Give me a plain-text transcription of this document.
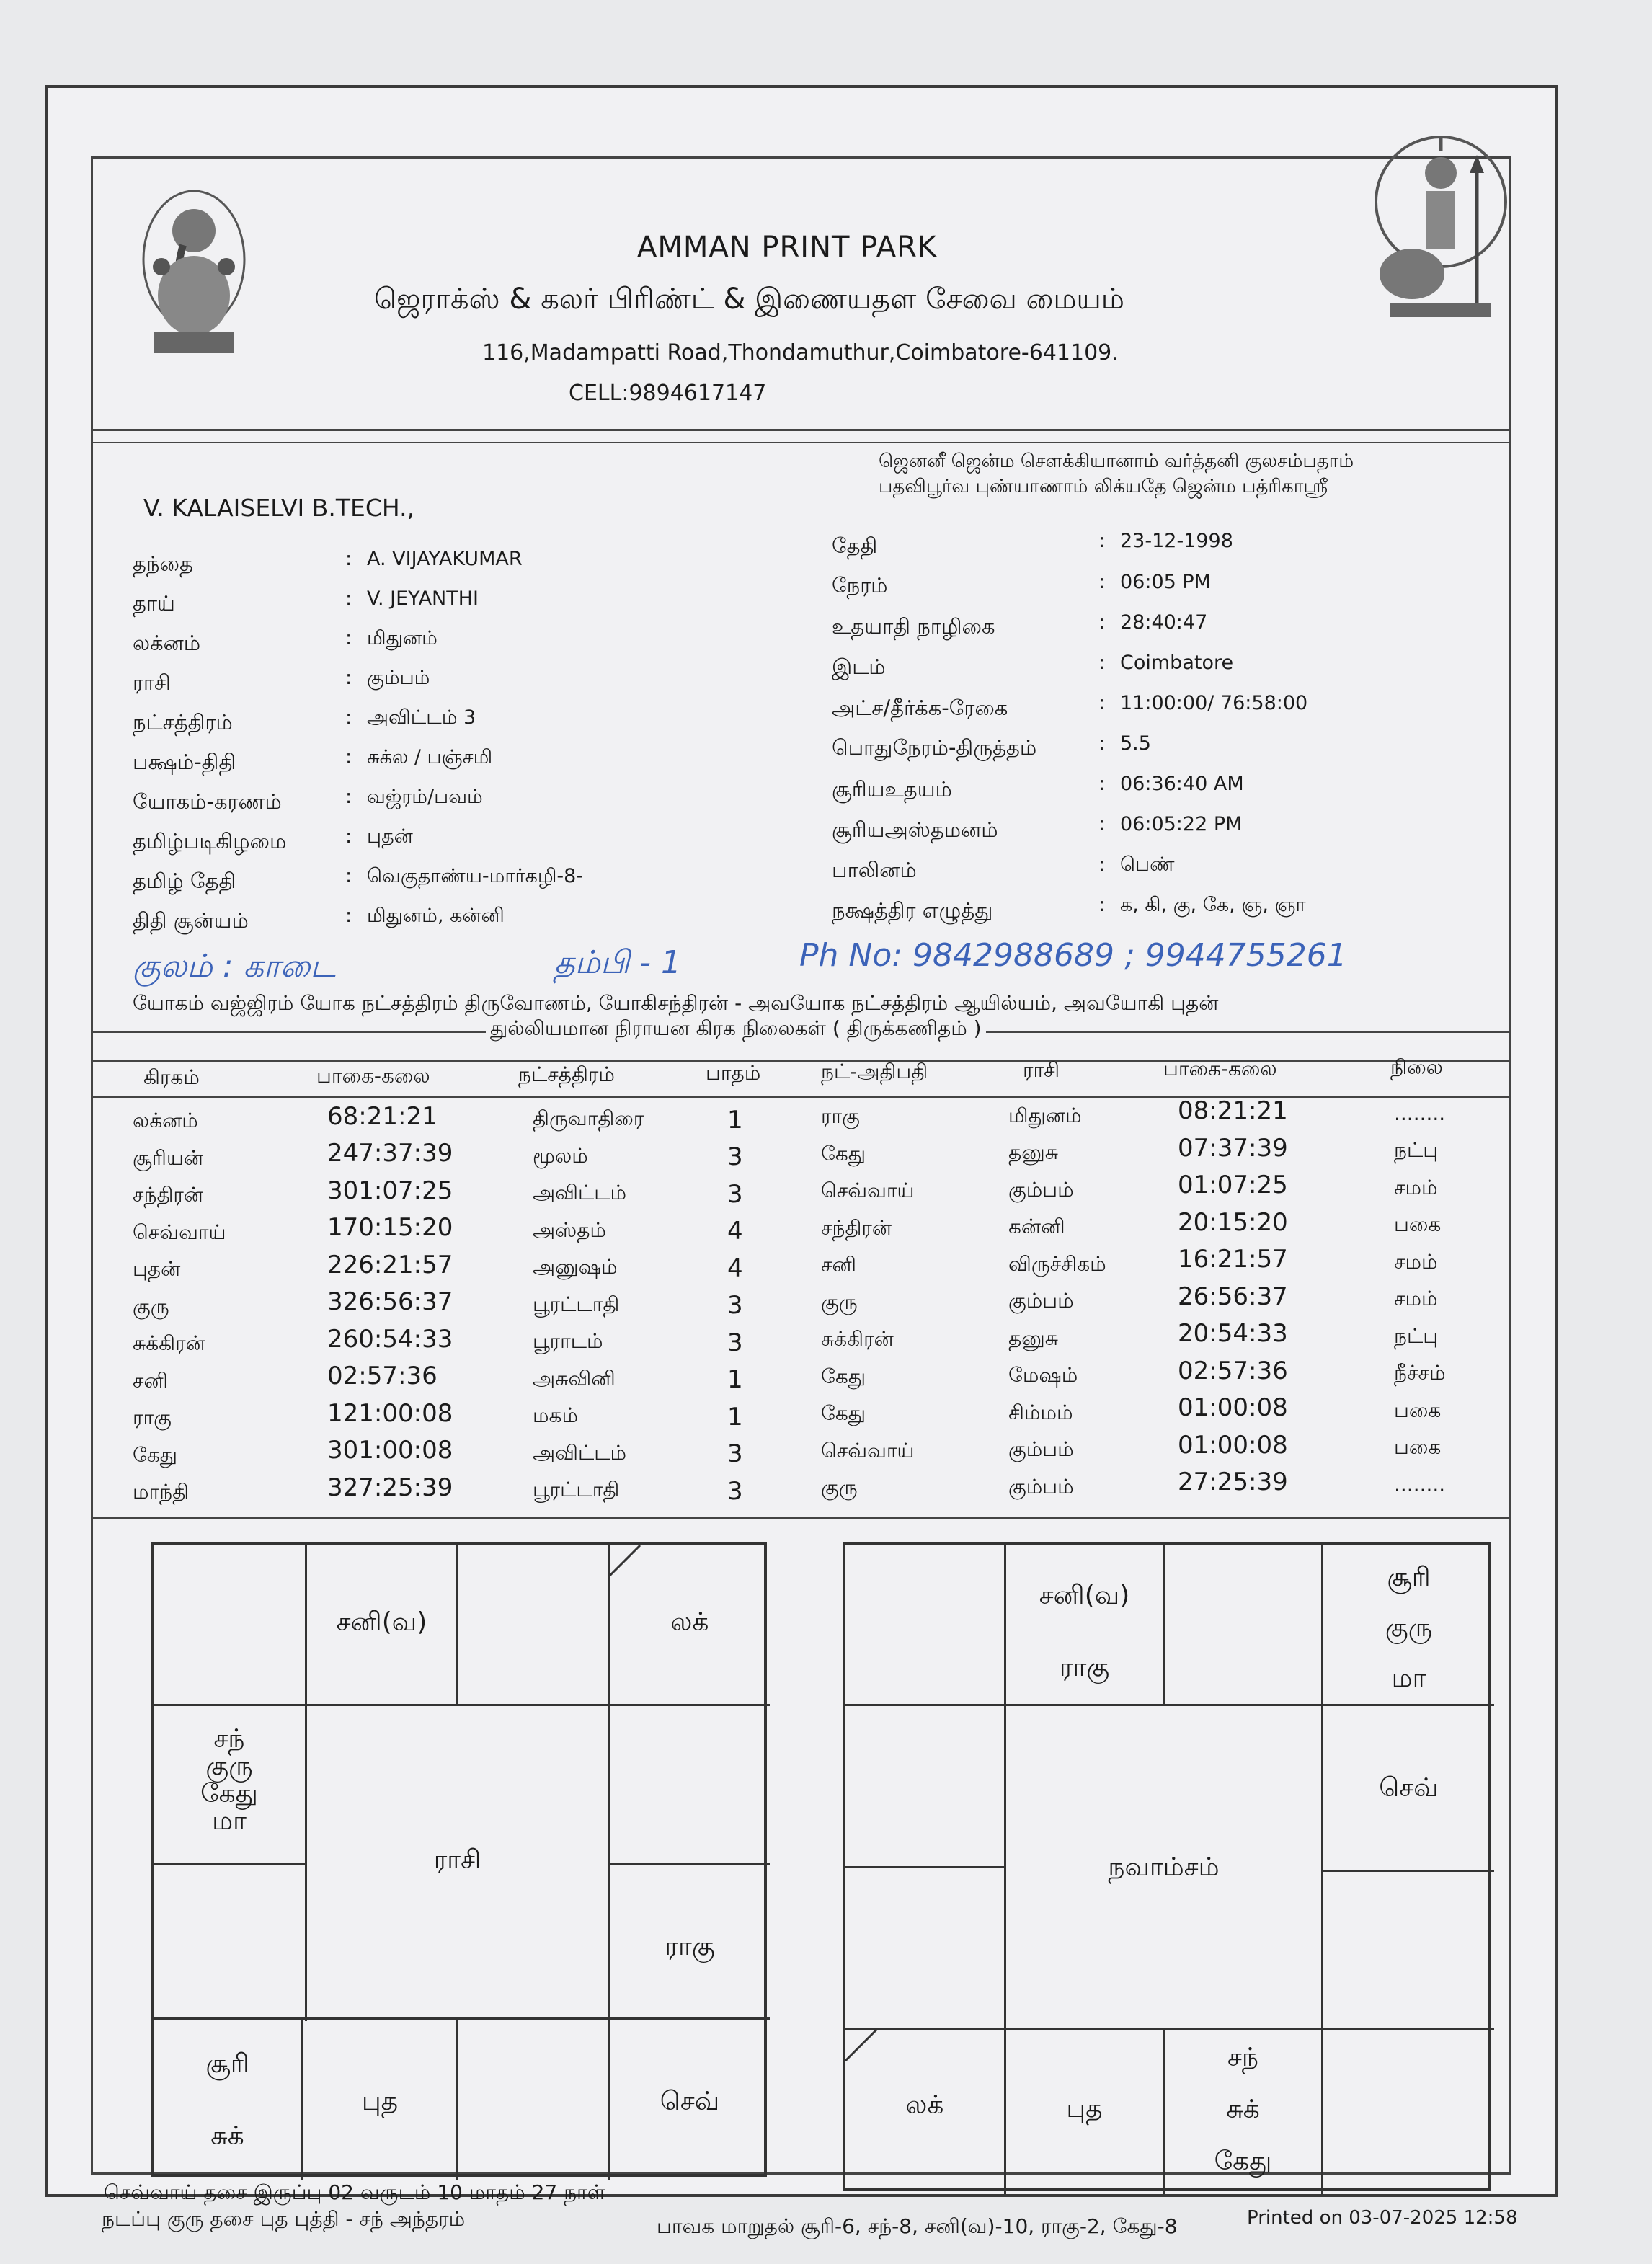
AMMAN PRINT PARK
ஜெராக்ஸ் & கலர் பிரிண்ட் & இணையதள சேவை மையம்
116,Madampatti Road,Thondamuthur,Coimbatore-641109.
CELL:9894617147
ஜெனனீ ஜென்ம சௌக்கியானாம் வர்த்தனி குலசம்பதாம்
பதவிபூர்வ புண்யாணாம் லிக்யதே ஜென்ம பத்ரிகாஸ்ரீ
V. KALAISELVI B.TECH.,
தந்தை	: A. VIJAYAKUMAR
தாய்	: V. JEYANTHI
லக்னம்	: மிதுனம்
ராசி	: கும்பம்
நட்சத்திரம்	: அவிட்டம் 3
பக்ஷம்-திதி	: சுக்ல / பஞ்சமி
யோகம்-கரணம்	: வஜ்ரம்/பவம்
தமிழ்படிகிழமை	: புதன்
தமிழ் தேதி	: வெகுதாண்ய-மார்கழி-8-
திதி சூன்யம்	: மிதுனம், கன்னி
தேதி	: 23-12-1998
நேரம்	: 06:05 PM
உதயாதி நாழிகை	: 28:40:47
இடம்	: Coimbatore
அட்ச/தீர்க்க-ரேகை	: 11:00:00/ 76:58:00
பொதுநேரம்-திருத்தம்	: 5.5
சூரியஉதயம்	: 06:36:40 AM
சூரியஅஸ்தமனம்	: 06:05:22 PM
பாலினம்	: பெண்
நக்ஷத்திர எழுத்து	: க, கி, கு, கே, ஞ, ஞா
குலம் : காடை	தம்பி - 1	Ph No: 9842988689 ; 9944755261
யோகம் வஜ்ஜிரம் யோக நட்சத்திரம் திருவோணம், யோகிசந்திரன் - அவயோக நட்சத்திரம் ஆயில்யம், அவயோகி புதன்
துல்லியமான நிராயன கிரக நிலைகள் ( திருக்கணிதம் )
கிரகம்	பாகை-கலை	நட்சத்திரம்	பாதம்	நட்-அதிபதி	ராசி	பாகை-கலை	நிலை
லக்னம்	68:21:21	திருவாதிரை	1	ராகு	மிதுனம்	08:21:21	........
சூரியன்	247:37:39	மூலம்	3	கேது	தனுசு	07:37:39	நட்பு
சந்திரன்	301:07:25	அவிட்டம்	3	செவ்வாய்	கும்பம்	01:07:25	சமம்
செவ்வாய்	170:15:20	அஸ்தம்	4	சந்திரன்	கன்னி	20:15:20	பகை
புதன்	226:21:57	அனுஷம்	4	சனி	விருச்சிகம்	16:21:57	சமம்
குரு	326:56:37	பூரட்டாதி	3	குரு	கும்பம்	26:56:37	சமம்
சுக்கிரன்	260:54:33	பூராடம்	3	சுக்கிரன்	தனுசு	20:54:33	நட்பு
சனி	02:57:36	அசுவினி	1	கேது	மேஷம்	02:57:36	நீச்சம்
ராகு	121:00:08	மகம்	1	கேது	சிம்மம்	01:00:08	பகை
கேது	301:00:08	அவிட்டம்	3	செவ்வாய்	கும்பம்	01:00:08	பகை
மாந்தி	327:25:39	பூரட்டாதி	3	குரு	கும்பம்	27:25:39	........
சனி(வ)	லக்
சந்
குரு
கேது
மா
ராசி
ராகு
சூரி
சுக்
புத	செவ்
சனி(வ)
ராகு
சூரி
குரு
மா
செவ்
நவாம்சம்
லக்	புத
சந்
சுக்
கேது
செவ்வாய் தசை இருப்பு 02 வருடம் 10 மாதம் 27 நாள்
நடப்பு குரு தசை புத புத்தி - சந் அந்தரம்	பாவக மாறுதல் சூரி-6, சந்-8, சனி(வ)-10, ராகு-2, கேது-8	Printed on 03-07-2025 12:58
